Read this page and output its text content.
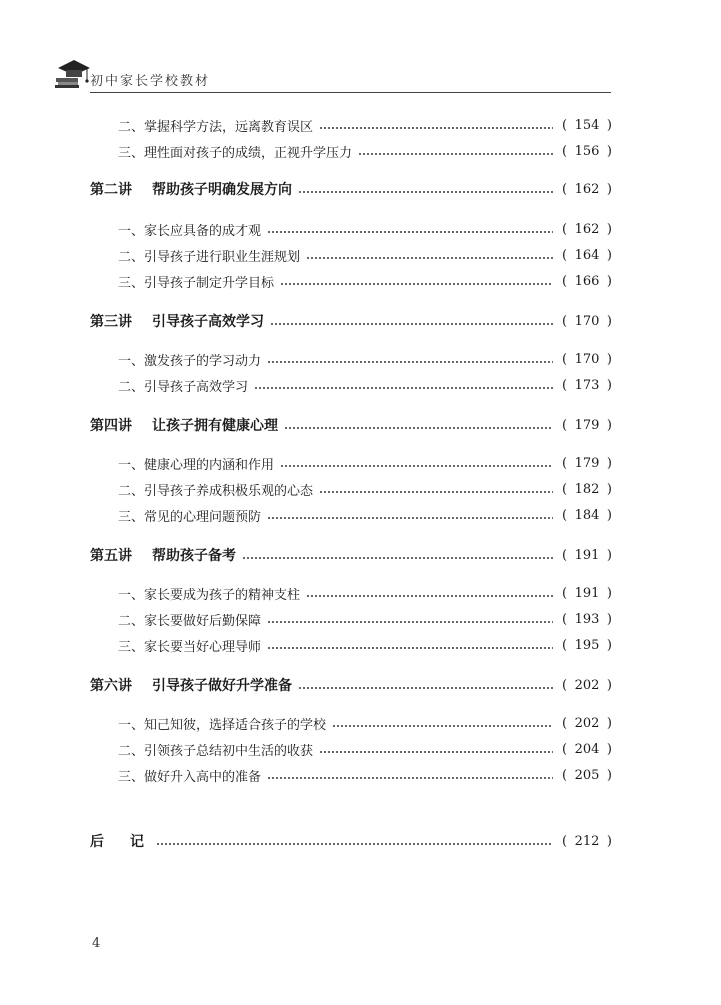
初中家长学校教材
二、掌握科学方法，远离教育误区	( 154 )
三、理性面对孩子的成绩，正视升学压力	( 156 )
第二讲 帮助孩子明确发展方向	( 162 )
一、家长应具备的成才观	( 162 )
二、引导孩子进行职业生涯规划	( 164 )
三、引导孩子制定升学目标	( 166 )
第三讲 引导孩子高效学习	( 170 )
一、激发孩子的学习动力	( 170 )
二、引导孩子高效学习	( 173 )
第四讲 让孩子拥有健康心理	( 179 )
一、健康心理的内涵和作用	( 179 )
二、引导孩子养成积极乐观的心态	( 182 )
三、常见的心理问题预防	( 184 )
第五讲 帮助孩子备考	( 191 )
一、家长要成为孩子的精神支柱	( 191 )
二、家长要做好后勤保障	( 193 )
三、家长要当好心理导师	( 195 )
第六讲 引导孩子做好升学准备	( 202 )
一、知己知彼，选择适合孩子的学校	( 202 )
二、引领孩子总结初中生活的收获	( 204 )
三、做好升入高中的准备	( 205 )
后　记	( 212 )
4
